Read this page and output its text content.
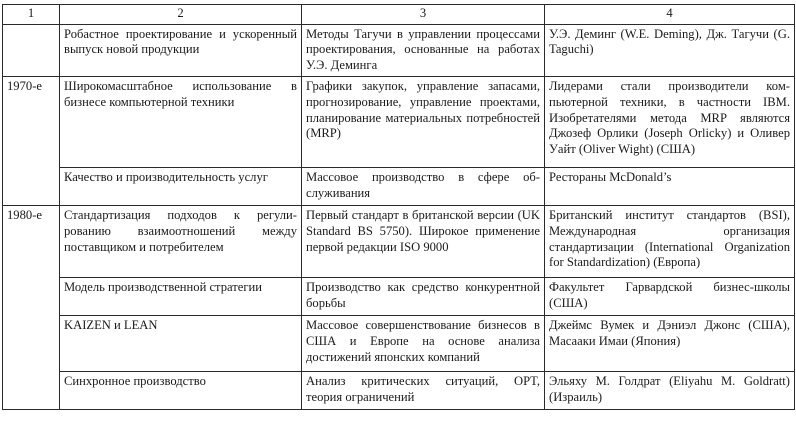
1	2	3	4
	Робастное проектирование и ускоренный выпуск новой продукции	Методы Тагучи в управлении процессами проектирования, основанные на работах У.Э. Деминга	У.Э. Деминг (W.E. Deming), Дж. Тагучи (G. Taguchi)
1970-е	Широкомасштабное использование в бизнесе компьютерной техники	Графики закупок, управление запасами, прогнозирование, управление проектами, планирование материальных потребностей (MRP)	Лидерами стали производители компьютерной техники, в частности IBM. Изобретателями метода MRP являются Джозеф Орлики (Joseph Orlicky) и Оливер Уайт (Oliver Wight) (США)
	Качество и производительность услуг	Массовое производство в сфере обслуживания	Рестораны McDonald’s
1980-е	Стандартизация подходов к регулированию взаимоотношений между поставщиком и потребителем	Первый стандарт в британской версии (UK Standard BS 5750). Широкое применение первой редакции ISO 9000	Британский институт стандартов (BSI), Международная организация стандартизации (International Organization for Standardization) (Европа)
	Модель производственной стратегии	Производство как средство конкурентной борьбы	Факультет Гарвардской бизнес-школы (США)
	KAIZEN и LEAN	Массовое совершенствование бизнесов в США и Европе на основе анализа достижений японских компаний	Джеймс Вумек и Дэниэл Джонс (США), Масааки Имаи (Япония)
	Синхронное производство	Анализ критических ситуаций, OPT, теория ограничений	Эльяху М. Голдрат (Eliyahu M. Goldratt) (Израиль)
